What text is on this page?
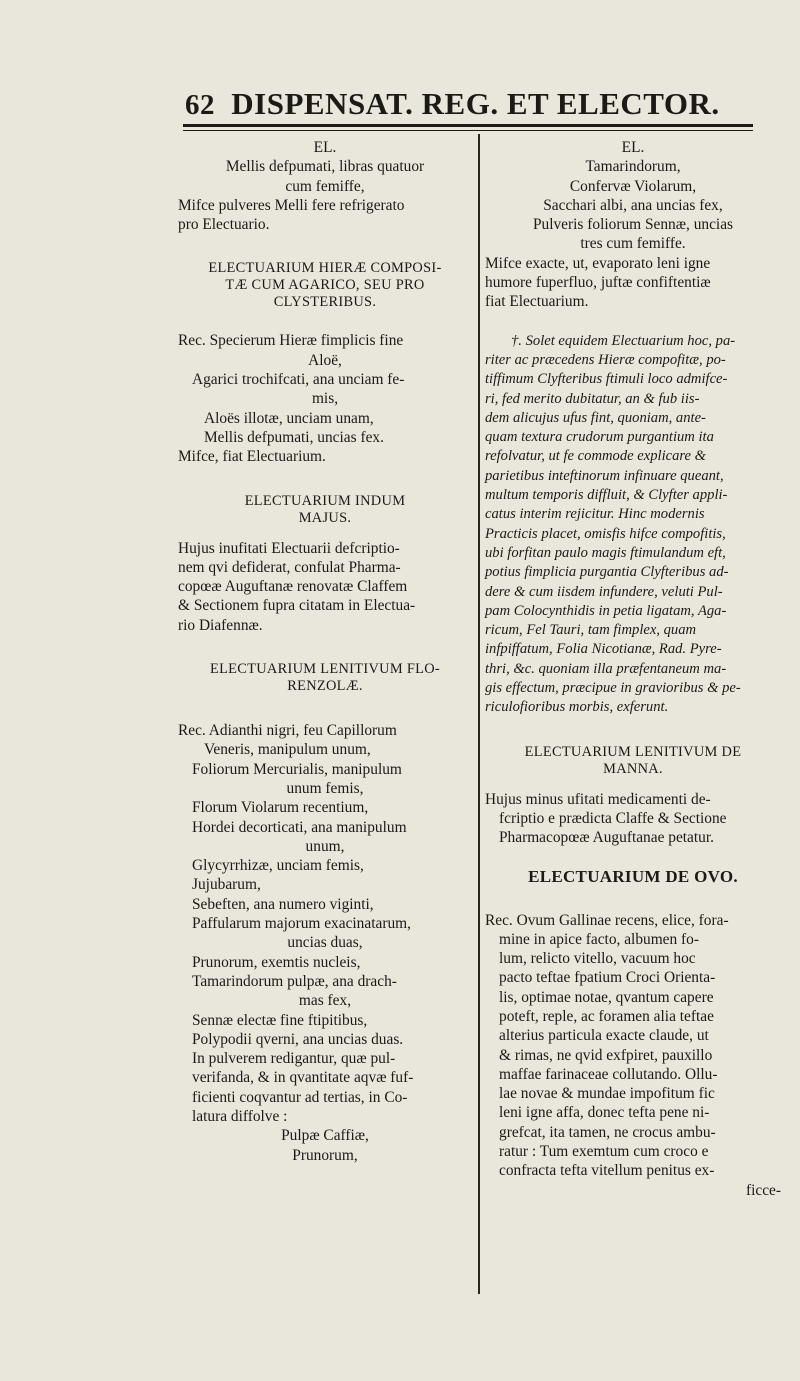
62 DISPENSAT. REG. ET ELECTOR.

EL.

Mellis defpumati, libras quatuor

cum femiffe,

Mifce pulveres Melli fere refrigerato

pro Electuario.

ELECTUARIUM HIERÆ COMPOSI-

TÆ CUM AGARICO, SEU PRO

CLYSTERIBUS.

Rec. Specierum Hieræ fimplicis fine

Aloë,

Agarici trochifcati, ana unciam fe-

mis,

Aloës illotæ, unciam unam,

Mellis defpumati, uncias fex.

Mifce, fiat Electuarium.

ELECTUARIUM INDUM

MAJUS.

Hujus inufitati Electuarii defcriptio-

nem qvi defiderat, confulat Pharma-

copœæ Auguftanæ renovatæ Claffem

& Sectionem fupra citatam in Electua-

rio Diafennæ.

ELECTUARIUM LENITIVUM FLO-

RENZOLÆ.

Rec. Adianthi nigri, feu Capillorum

Veneris, manipulum unum,

Foliorum Mercurialis, manipulum

unum femis,

Florum Violarum recentium,

Hordei decorticati, ana manipulum

unum,

Glycyrrhizæ, unciam femis,

Jujubarum,

Sebeften, ana numero viginti,

Paffularum majorum exacinatarum,

uncias duas,

Prunorum, exemtis nucleis,

Tamarindorum pulpæ, ana drach-

mas fex,

Sennæ electæ fine ftipitibus,

Polypodii qverni, ana uncias duas.

In pulverem redigantur, quæ pul-

verifanda, & in qvantitate aqvæ fuf-

ficienti coqvantur ad tertias, in Co-

latura diffolve :

Pulpæ Caffiæ,

Prunorum,

EL.

Tamarindorum,

Confervæ Violarum,

Sacchari albi, ana uncias fex,

Pulveris foliorum Sennæ, uncias

tres cum femiffe.

Mifce exacte, ut, evaporato leni igne

humore fuperfluo, juftæ confiftentiæ

fiat Electuarium.

†. Solet equidem Electuarium hoc, pa-

riter ac præcedens Hieræ compofitæ, po-

tiffimum Clyfteribus ftimuli loco admifce-

ri, fed merito dubitatur, an & fub iis-

dem alicujus ufus fint, quoniam, ante-

quam textura crudorum purgantium ita

refolvatur, ut fe commode explicare &

parietibus inteftinorum infinuare queant,

multum temporis diffluit, & Clyfter appli-

catus interim rejicitur. Hinc modernis

Practicis placet, omisfis hifce compofitis,

ubi forfitan paulo magis ftimulandum eft,

potius fimplicia purgantia Clyfteribus ad-

dere & cum iisdem infundere, veluti Pul-

pam Colocynthidis in petia ligatam, Aga-

ricum, Fel Tauri, tam fimplex, quam

infpiffatum, Folia Nicotianæ, Rad. Pyre-

thri, &c. quoniam illa præfentaneum ma-

gis effectum, præcipue in gravioribus & pe-

riculofioribus morbis, exferunt.

ELECTUARIUM LENITIVUM DE

MANNA.

Hujus minus ufitati medicamenti de-

fcriptio e prædicta Claffe & Sectione

Pharmacopœæ Auguftanae petatur.

ELECTUARIUM DE OVO.

Rec. Ovum Gallinae recens, elice, fora-

mine in apice facto, albumen fo-

lum, relicto vitello, vacuum hoc

pacto teftae fpatium Croci Orienta-

lis, optimae notae, qvantum capere

poteft, reple, ac foramen alia teftae

alterius particula exacte claude, ut

& rimas, ne qvid exfpiret, pauxillo

maffae farinaceae collutando. Ollu-

lae novae & mundae impofitum fic

leni igne affa, donec tefta pene ni-

grefcat, ita tamen, ne crocus ambu-

ratur : Tum exemtum cum croco e

confracta tefta vitellum penitus ex-

ficce-
